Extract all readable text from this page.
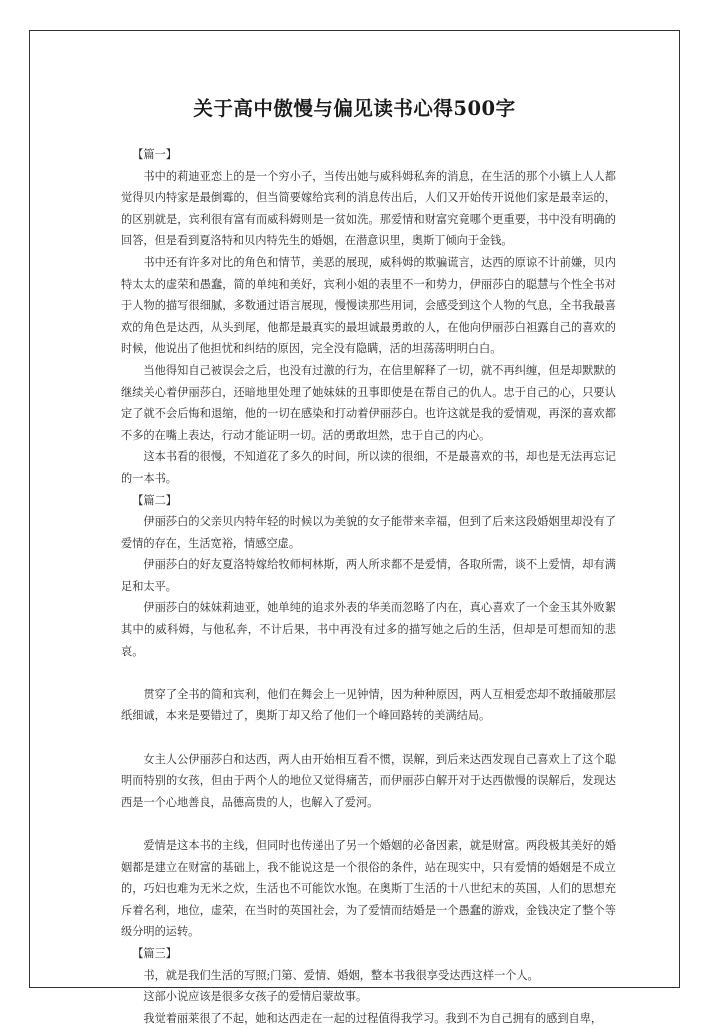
关于高中傲慢与偏见读书心得500字
【篇一】

书中的莉迪亚恋上的是一个穷小子，当传出她与威科姆私奔的消息，在生活的那个小镇上人人都觉得贝内特家是最倒霉的，但当简要嫁给宾利的消息传出后，人们又开始传开说他们家是最幸运的，的区别就是，宾利很有富有而威科姆则是一贫如洗。那爱情和财富究竟哪个更重要，书中没有明确的回答，但是看到夏洛特和贝内特先生的婚姻，在潜意识里，奥斯丁倾向于金钱。

书中还有许多对比的角色和情节，美恶的展现，威科姆的欺骗谎言，达西的原谅不计前嫌，贝内特太太的虚荣和愚蠢，简的单纯和美好，宾利小姐的表里不一和势力，伊丽莎白的聪慧与个性全书对于人物的描写很细腻，多数通过语言展现，慢慢读那些用词，会感受到这个人物的气息，全书我最喜欢的角色是达西，从头到尾，他都是最真实的最坦诚最勇敢的人，在他向伊丽莎白袒露自己的喜欢的时候，他说出了他担忧和纠结的原因，完全没有隐瞒，活的坦荡荡明明白白。

当他得知自己被误会之后，也没有过激的行为，在信里解释了一切，就不再纠缠，但是却默默的继续关心着伊丽莎白，还暗地里处理了她妹妹的丑事即使是在帮自己的仇人。忠于自己的心，只要认定了就不会后悔和退缩，他的一切在感染和打动着伊丽莎白。也许这就是我的爱情观，再深的喜欢都不多的在嘴上表达，行动才能证明一切。活的勇敢坦然，忠于自己的内心。

这本书看的很慢，不知道花了多久的时间，所以读的很细，不是最喜欢的书，却也是无法再忘记的一本书。

【篇二】

伊丽莎白的父亲贝内特年轻的时候以为美貌的女子能带来幸福，但到了后来这段婚姻里却没有了爱情的存在，生活宽裕，情感空虚。

伊丽莎白的好友夏洛特嫁给牧师柯林斯，两人所求都不是爱情，各取所需，谈不上爱情，却有满足和太平。

伊丽莎白的妹妹莉迪亚，她单纯的追求外表的华美而忽略了内在，真心喜欢了一个金玉其外败絮其中的威科姆，与他私奔，不计后果，书中再没有过多的描写她之后的生活，但却是可想而知的悲哀。

贯穿了全书的简和宾利，他们在舞会上一见钟情，因为种种原因，两人互相爱恋却不敢捅破那层纸细诚，本来是要错过了，奥斯丁却又给了他们一个峰回路转的美满结局。

女主人公伊丽莎白和达西，两人由开始相互看不惯，误解，到后来达西发现自己喜欢上了这个聪明而特别的女孩，但由于两个人的地位又觉得痛苦，而伊丽莎白解开对于达西傲慢的误解后，发现达西是一个心地善良，品德高贵的人，也解入了爱河。

爱情是这本书的主线，但同时也传递出了另一个婚姻的必备因素，就是财富。两段极其美好的婚姻都是建立在财富的基础上，我不能说这是一个很俗的条件，站在现实中，只有爱情的婚姻是不成立的，巧妇也难为无米之炊，生活也不可能饮水饱。在奥斯丁生活的十八世纪末的英国，人们的思想充斥着名利，地位，虚荣，在当时的英国社会，为了爱情而结婚是一个愚蠢的游戏，金钱决定了整个等级分明的运转。

【篇三】

书，就是我们生活的写照;门第、爱情、婚姻，整本书我很享受达西这样一个人。

这部小说应该是很多女孩子的爱情启蒙故事。

我觉着丽莱很了不起，她和达西走在一起的过程值得我学习。我到不为自己拥有的感到自卑，
